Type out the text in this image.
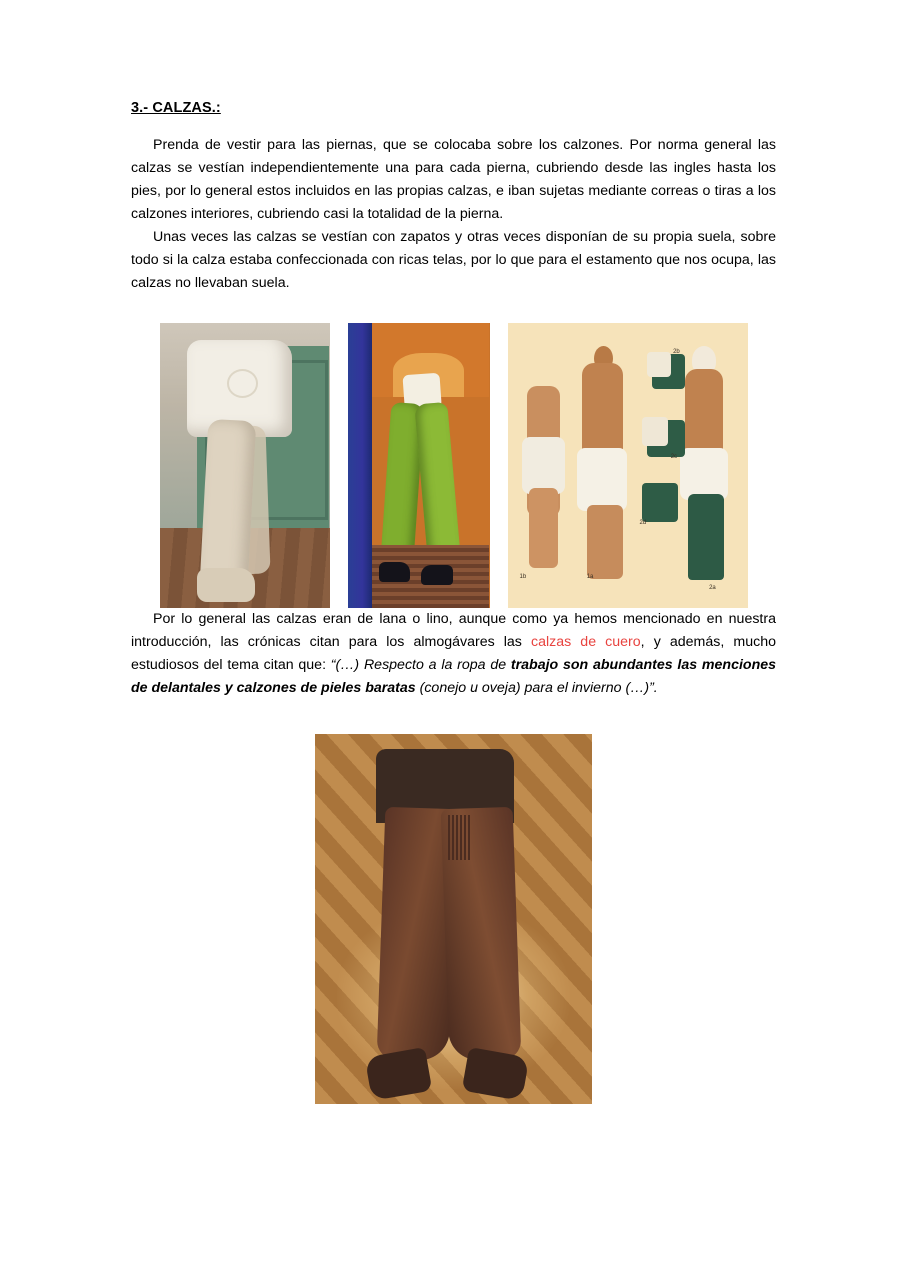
3.- CALZAS.:

Prenda de vestir para las piernas, que se colocaba sobre los calzones. Por norma general las calzas se vestían independientemente una para cada pierna, cubriendo desde las ingles hasta los pies, por lo general estos incluidos en las propias calzas, e iban sujetas mediante correas o tiras a los calzones interiores, cubriendo casi la totalidad de la pierna.

Unas veces las calzas se vestían con zapatos y otras veces disponían de su propia suela, sobre todo si la calza estaba confeccionada con ricas telas, por lo que para el estamento que nos ocupa, las calzas no llevaban suela.

2b
2c
2d
1b	1a
2a

Por lo general las calzas eran de lana o lino, aunque como ya hemos mencionado en nuestra introducción, las crónicas citan para los almogávares las calzas de cuero, y además, mucho estudiosos del tema citan que: “(…) Respecto a la ropa de trabajo son abundantes las menciones de delantales y calzones de pieles baratas (conejo u oveja) para el invierno (…)”.
